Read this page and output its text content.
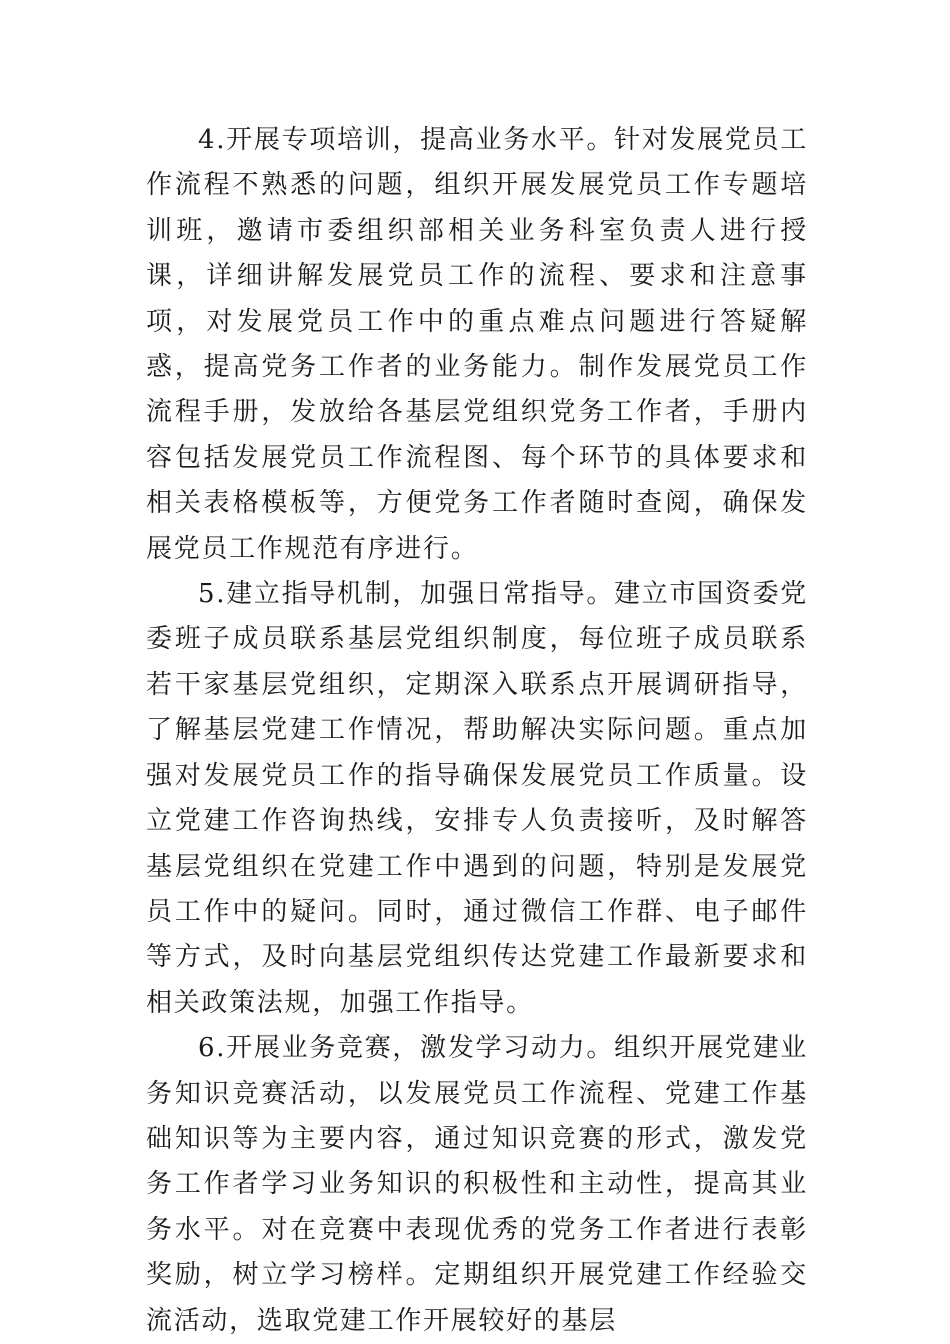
4.开展专项培训，提高业务水平。针对发展党员工作流程不熟悉的问题，组织开展发展党员工作专题培训班，邀请市委组织部相关业务科室负责人进行授课，详细讲解发展党员工作的流程、要求和注意事项，对发展党员工作中的重点难点问题进行答疑解惑，提高党务工作者的业务能力。制作发展党员工作流程手册，发放给各基层党组织党务工作者，手册内容包括发展党员工作流程图、每个环节的具体要求和相关表格模板等，方便党务工作者随时查阅，确保发展党员工作规范有序进行。

5.建立指导机制，加强日常指导。建立市国资委党委班子成员联系基层党组织制度，每位班子成员联系若干家基层党组织，定期深入联系点开展调研指导，了解基层党建工作情况，帮助解决实际问题。重点加强对发展党员工作的指导确保发展党员工作质量。设立党建工作咨询热线，安排专人负责接听，及时解答基层党组织在党建工作中遇到的问题，特别是发展党员工作中的疑问。同时，通过微信工作群、电子邮件等方式，及时向基层党组织传达党建工作最新要求和相关政策法规，加强工作指导。

6.开展业务竞赛，激发学习动力。组织开展党建业务知识竞赛活动，以发展党员工作流程、党建工作基础知识等为主要内容，通过知识竞赛的形式，激发党务工作者学习业务知识的积极性和主动性，提高其业务水平。对在竞赛中表现优秀的党务工作者进行表彰奖励，树立学习榜样。定期组织开展党建工作经验交流活动，选取党建工作开展较好的基层
